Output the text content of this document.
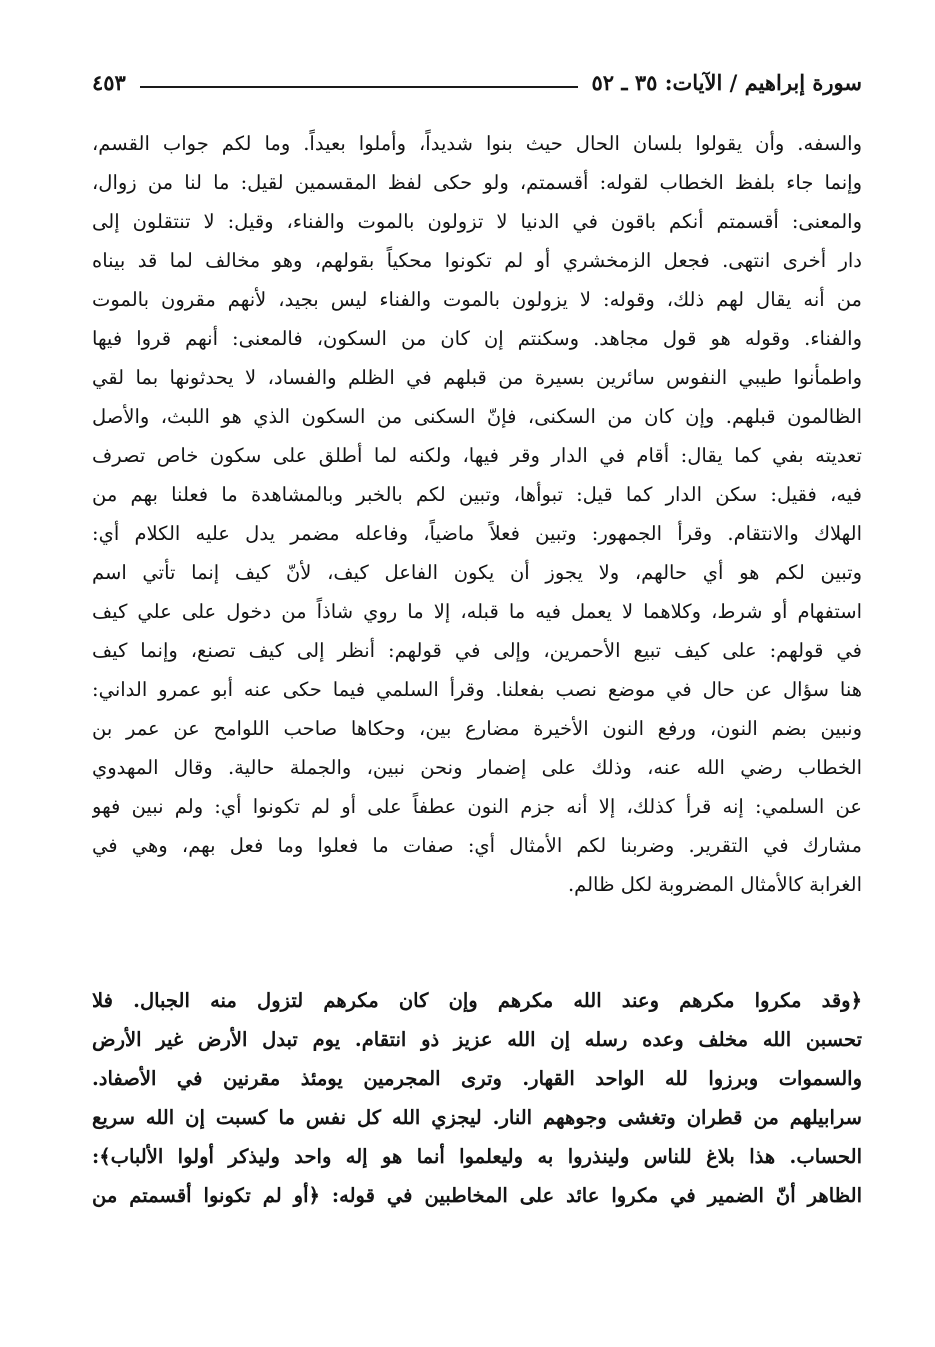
سورة إبراهيم / الآيات: ٣٥ ـ ٥٢
٤٥٣
والسفه. وأن يقولوا بلسان الحال حيث بنوا شديداً، وأملوا بعيداً. وما لكم جواب القسم،
وإنما جاء بلفظ الخطاب لقوله: أقسمتم، ولو حكى لفظ المقسمين لقيل: ما لنا من زوال،
والمعنى: أقسمتم أنكم باقون في الدنيا لا تزولون بالموت والفناء، وقيل: لا تنتقلون إلى
دار أخرى انتهى. فجعل الزمخشري أو لم تكونوا محكياً بقولهم، وهو مخالف لما قد بيناه
من أنه يقال لهم ذلك، وقوله: لا يزولون بالموت والفناء ليس بجيد، لأنهم مقرون بالموت
والفناء. وقوله هو قول مجاهد. وسكنتم إن كان من السكون، فالمعنى: أنهم قروا فيها
واطمأنوا طيبي النفوس سائرين بسيرة من قبلهم في الظلم والفساد، لا يحدثونها بما لقي
الظالمون قبلهم. وإن كان من السكنى، فإنّ السكنى من السكون الذي هو اللبث، والأصل
تعديته بفي كما يقال: أقام في الدار وقر فيها، ولكنه لما أطلق على سكون خاص تصرف
فيه، فقيل: سكن الدار كما قيل: تبوأها، وتبين لكم بالخبر وبالمشاهدة ما فعلنا بهم من
الهلاك والانتقام. وقرأ الجمهور: وتبين فعلاً ماضياً، وفاعله مضمر يدل عليه الكلام أي:
وتبين لكم هو أي حالهم، ولا يجوز أن يكون الفاعل كيف، لأنّ كيف إنما تأتي اسم
استفهام أو شرط، وكلاهما لا يعمل فيه ما قبله، إلا ما روي شاذاً من دخول على علي كيف
في قولهم: على كيف تبيع الأحمرين، وإلى في قولهم: أنظر إلى كيف تصنع، وإنما كيف
هنا سؤال عن حال في موضع نصب بفعلنا. وقرأ السلمي فيما حكى عنه أبو عمرو الداني:
ونبين بضم النون، ورفع النون الأخيرة مضارع بين، وحكاها صاحب اللوامح عن عمر بن
الخطاب رضي الله عنه، وذلك على إضمار ونحن نبين، والجملة حالية. وقال المهدوي
عن السلمي: إنه قرأ كذلك، إلا أنه جزم النون عطفاً على أو لم تكونوا أي: ولم نبين فهو
مشارك في التقرير. وضربنا لكم الأمثال أي: صفات ما فعلوا وما فعل بهم، وهي في
الغرابة كالأمثال المضروبة لكل ظالم.
﴿وقد مكروا مكرهم وعند الله مكرهم وإن كان مكرهم لتزول منه الجبال. فلا
تحسبن الله مخلف وعده رسله إن الله عزيز ذو انتقام. يوم تبدل الأرض غير الأرض
والسموات وبرزوا لله الواحد القهار. وترى المجرمين يومئذ مقرنين في الأصفاد.
سرابيلهم من قطران وتغشى وجوههم النار. ليجزي الله كل نفس ما كسبت إن الله سريع
الحساب. هذا بلاغ للناس ولينذروا به وليعلموا أنما هو إله واحد وليذكر أولوا الألباب﴾:
الظاهر أنّ الضمير في مكروا عائد على المخاطبين في قوله: ﴿أو لم تكونوا أقسمتم من
